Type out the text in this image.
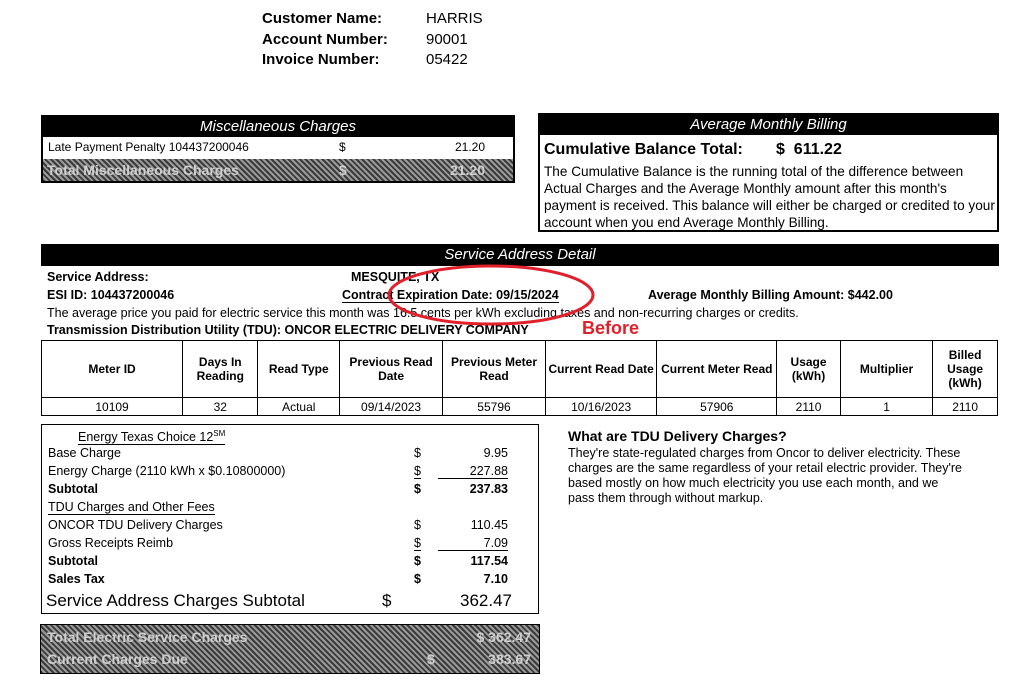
Customer Name:	HARRIS
Account Number:	90001
Invoice Number:	05422
Miscellaneous Charges
Late Payment Penalty 104437200046	$	21.20
Total Miscellaneous Charges	$	21.20
Average Monthly Billing
Cumulative Balance Total: $  611.22
The Cumulative Balance is the running total of the difference between Actual Charges and the Average Monthly amount after this month's payment is received. This balance will either be charged or credited to your account when you end Average Monthly Billing.
Service Address Detail
Service Address:	MESQUITE, TX
ESI ID: 104437200046	Contract Expiration Date: 09/15/2024	Average Monthly Billing Amount: $442.00
The average price you paid for electric service this month was 16.5 cents per kWh excluding taxes and non-recurring charges or credits.
Transmission Distribution Utility (TDU): ONCOR ELECTRIC DELIVERY COMPANY	Before
Meter ID	Days In Reading	Read Type	Previous Read Date	Previous Meter Read	Current Read Date	Current Meter Read	Usage (kWh)	Multiplier	Billed Usage (kWh)
10109	32	Actual	09/14/2023	55796	10/16/2023	57906	2110	1	2110
Energy Texas Choice 12℠
Base Charge	$	9.95
Energy Charge (2110 kWh x $0.10800000)	$	227.88
Subtotal	$	237.83
TDU Charges and Other Fees
ONCOR TDU Delivery Charges	$	110.45
Gross Receipts Reimb	$	7.09
Subtotal	$	117.54
Sales Tax	$	7.10
Service Address Charges Subtotal	$	362.47
What are TDU Delivery Charges?
They're state-regulated charges from Oncor to deliver electricity. These charges are the same regardless of your retail electric provider. They're based mostly on how much electricity you use each month, and we pass them through without markup.
Total Electric Service Charges	$ 362.47
Current Charges Due	$	383.67
